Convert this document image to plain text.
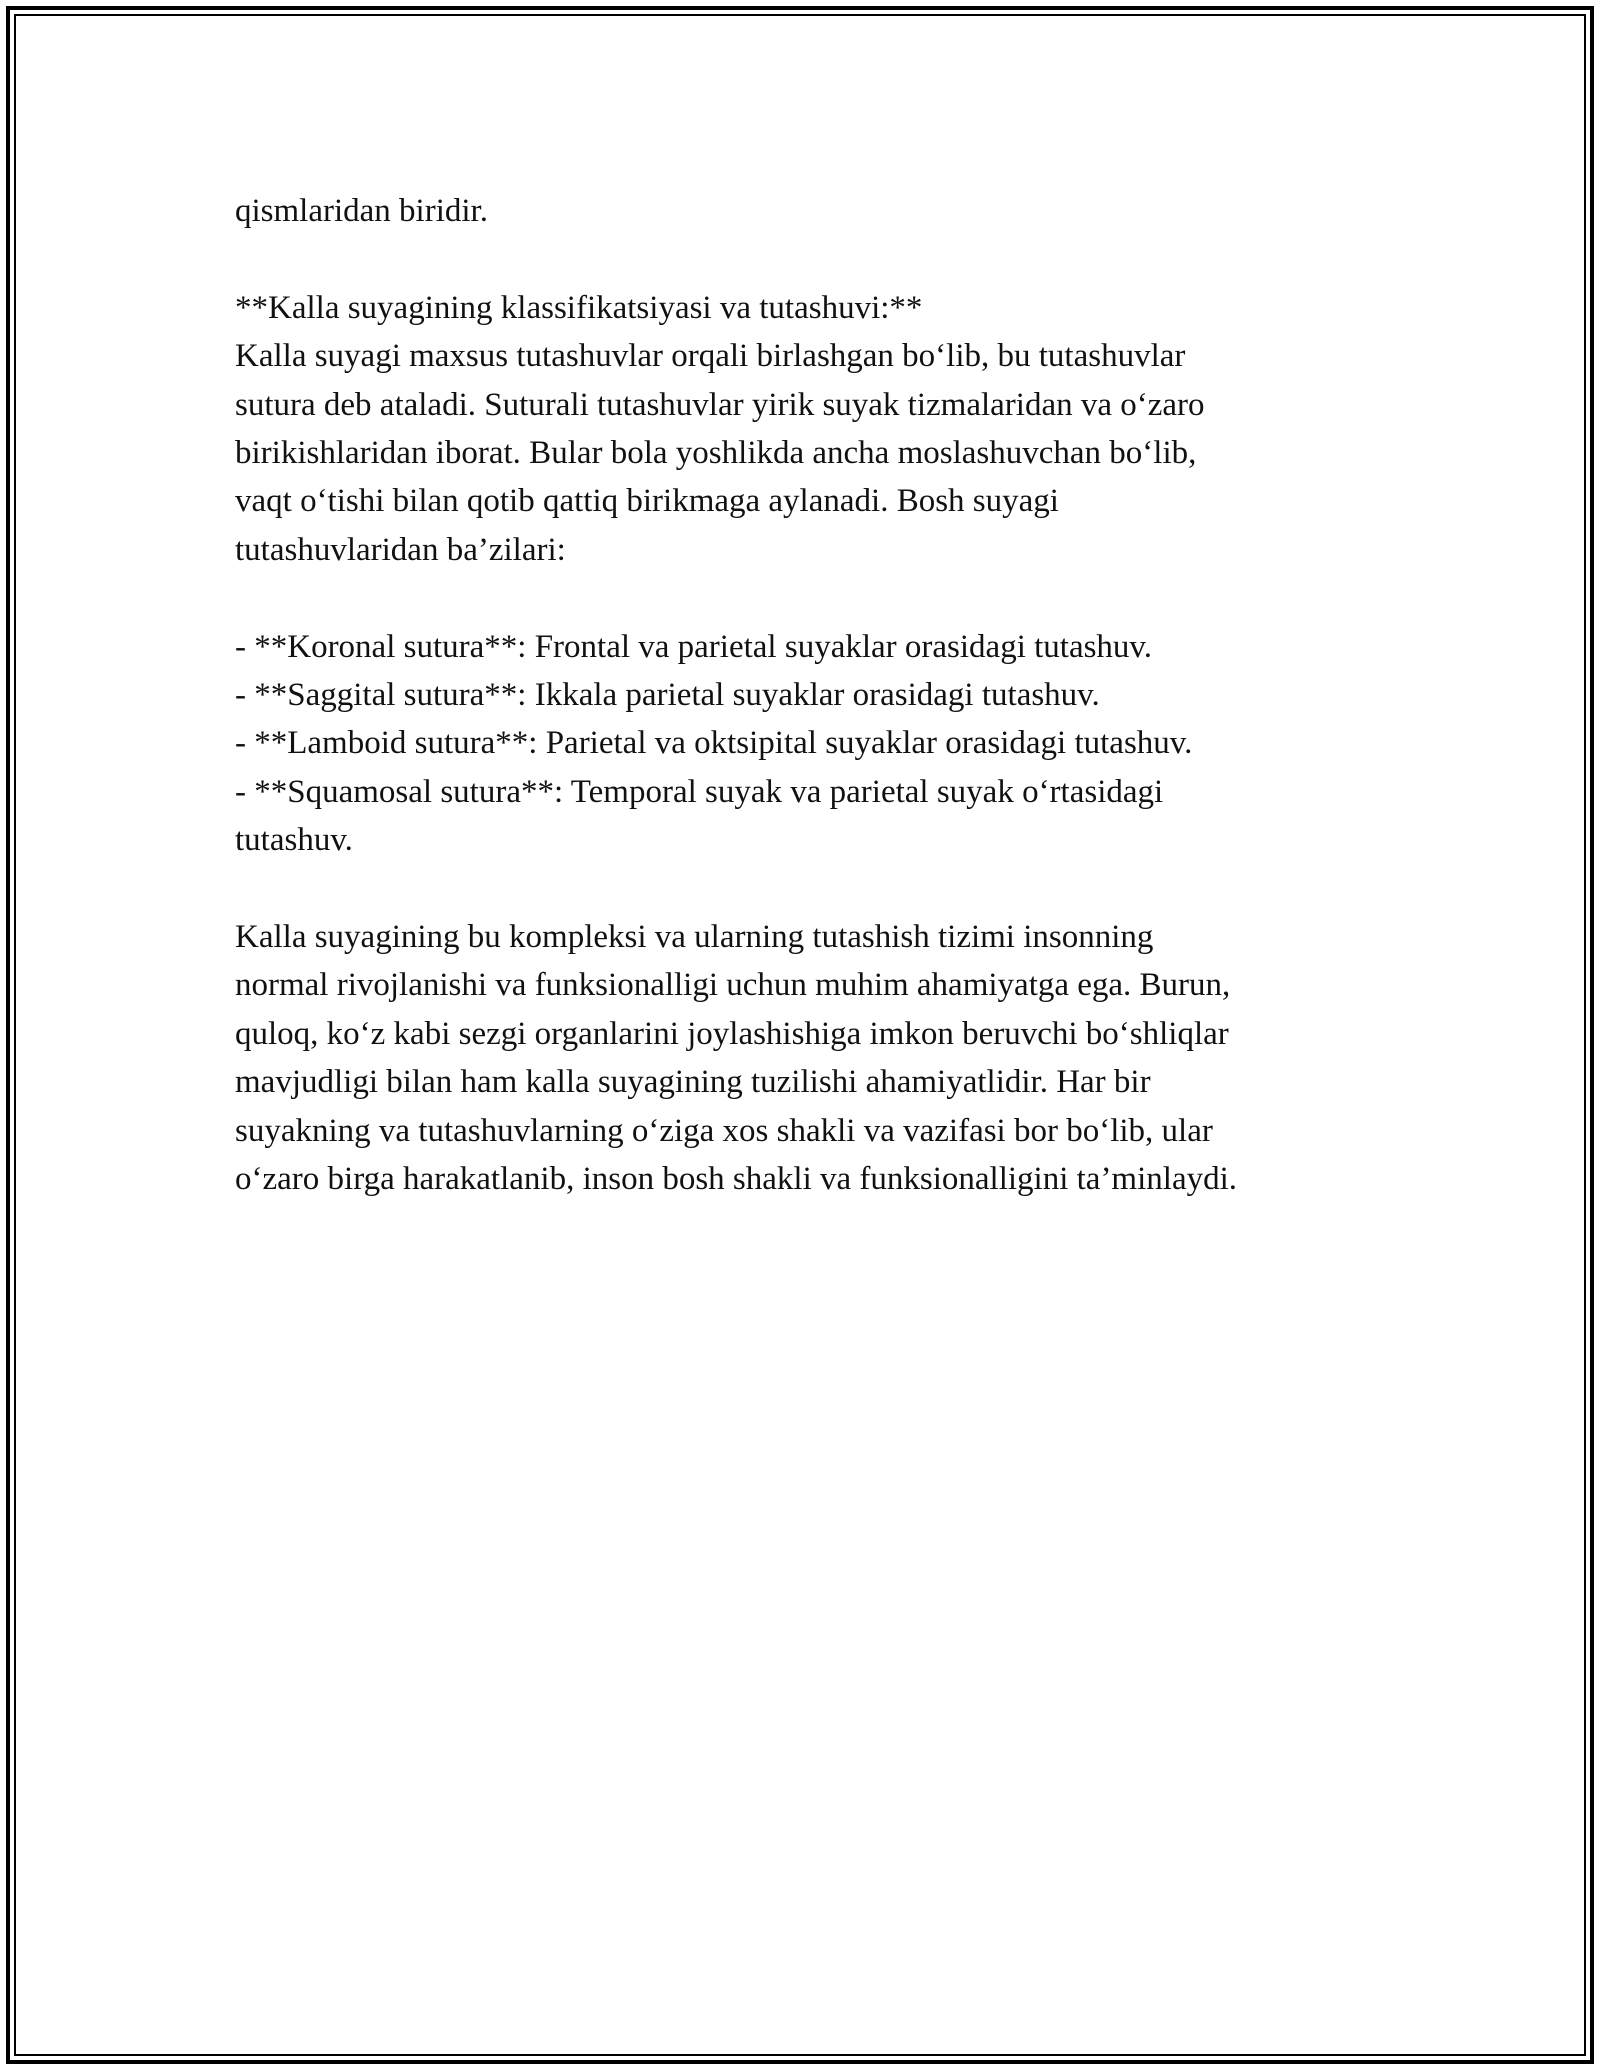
qismlaridan biridir.

**Kalla suyagining klassifikatsiyasi va tutashuvi:**

Kalla suyagi maxsus tutashuvlar orqali birlashgan bo‘lib, bu tutashuvlar
sutura deb ataladi. Suturali tutashuvlar yirik suyak tizmalaridan va o‘zaro
birikishlaridan iborat. Bular bola yoshlikda ancha moslashuvchan bo‘lib,
vaqt o‘tishi bilan qotib qattiq birikmaga aylanadi. Bosh suyagi
tutashuvlaridan ba’zilari:

- **Koronal sutura**: Frontal va parietal suyaklar orasidagi tutashuv.
- **Saggital sutura**: Ikkala parietal suyaklar orasidagi tutashuv.
- **Lamboid sutura**: Parietal va oktsipital suyaklar orasidagi tutashuv.
- **Squamosal sutura**: Temporal suyak va parietal suyak o‘rtasidagi
tutashuv.

Kalla suyagining bu kompleksi va ularning tutashish tizimi insonning
normal rivojlanishi va funksionalligi uchun muhim ahamiyatga ega. Burun,
quloq, ko‘z kabi sezgi organlarini joylashishiga imkon beruvchi bo‘shliqlar
mavjudligi bilan ham kalla suyagining tuzilishi ahamiyatlidir. Har bir
suyakning va tutashuvlarning o‘ziga xos shakli va vazifasi bor bo‘lib, ular
o‘zaro birga harakatlanib, inson bosh shakli va funksionalligini ta’minlaydi.
